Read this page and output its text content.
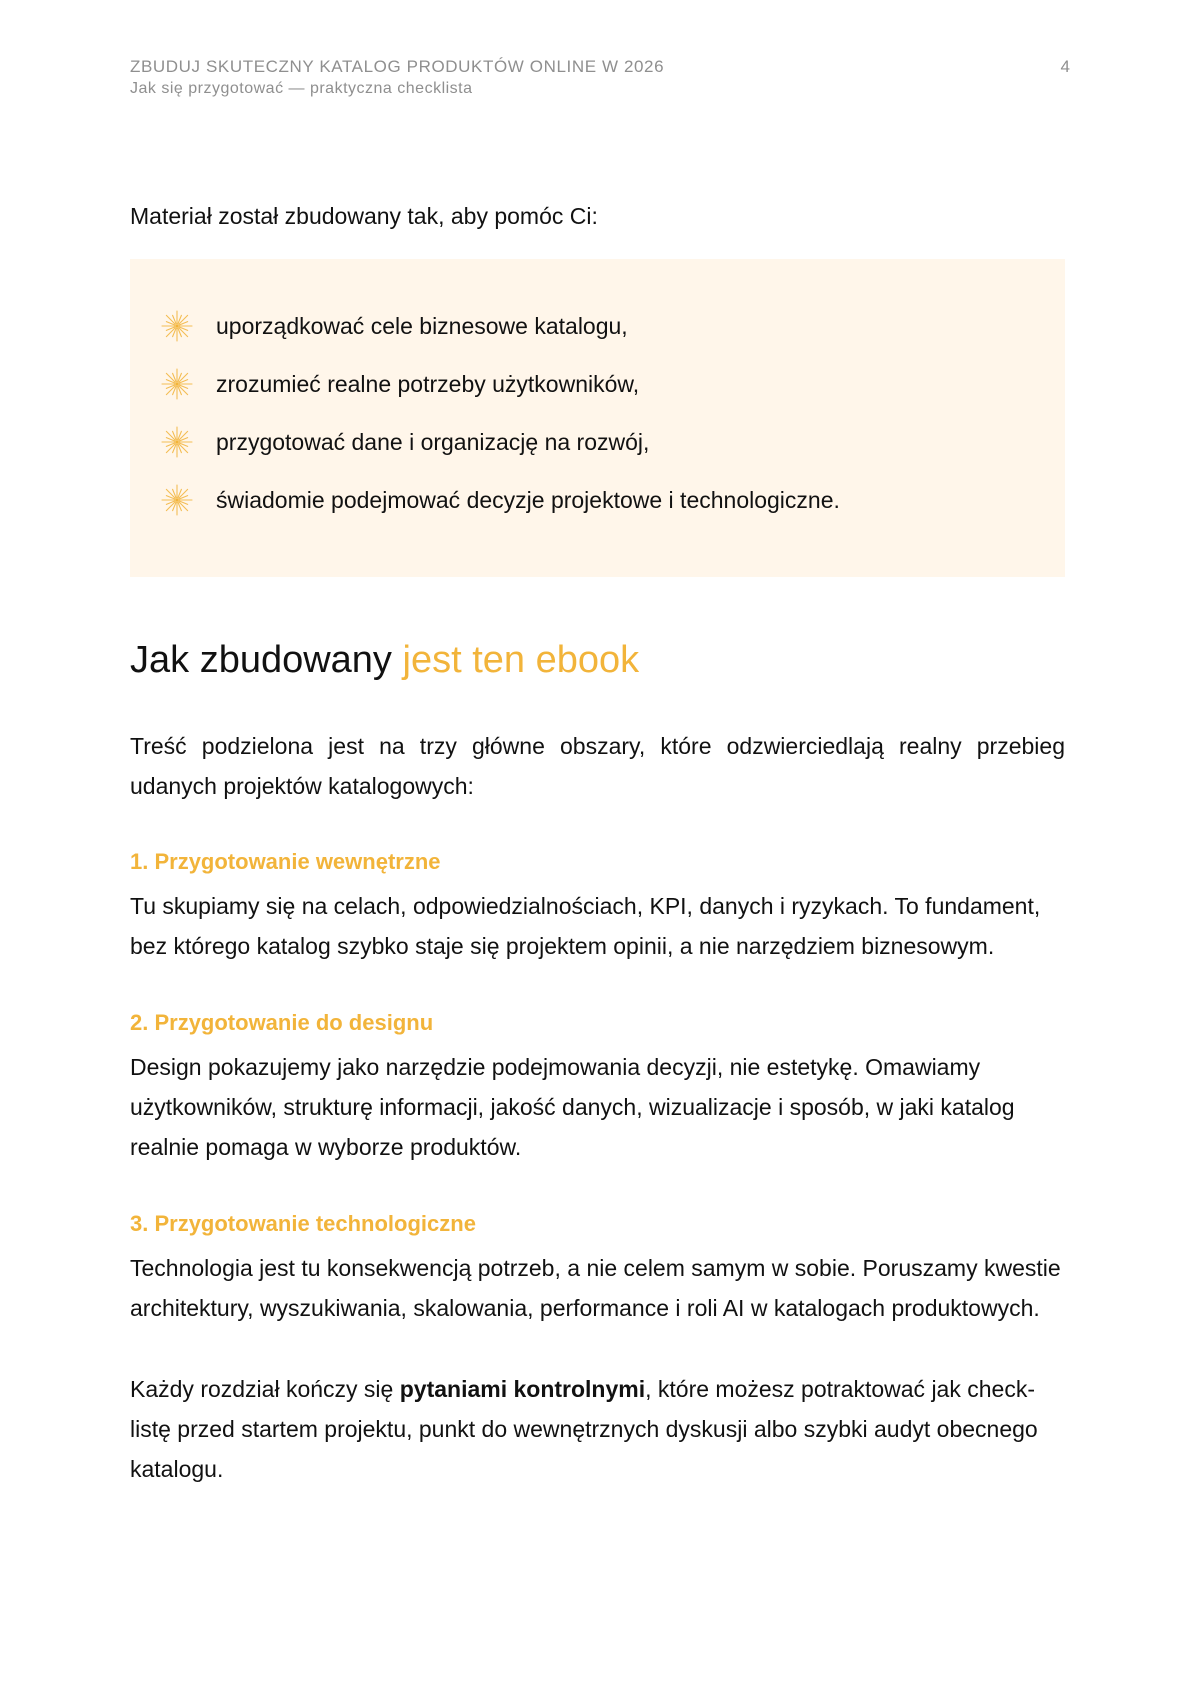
ZBUDUJ SKUTECZNY KATALOG PRODUKTÓW ONLINE W 2026
Jak się przygotować — praktyczna checklista
4
Materiał został zbudowany tak, aby pomóc Ci:
uporządkować cele biznesowe katalogu,
zrozumieć realne potrzeby użytkowników,
przygotować dane i organizację na rozwój,
świadomie podejmować decyzje projektowe i technologiczne.
Jak zbudowany jest ten ebook

Treść podzielona jest na trzy główne obszary, które odzwierciedlają realny przebieg udanych projektów katalogowych:

1. Przygotowanie wewnętrzne

Tu skupiamy się na celach, odpowiedzialnościach, KPI, danych i ryzykach. To fundament, bez którego katalog szybko staje się projektem opinii, a nie narzędziem biznesowym.

2. Przygotowanie do designu

Design pokazujemy jako narzędzie podejmowania decyzji, nie estetykę. Omawiamy użytkowników, strukturę informacji, jakość danych, wizualizacje i sposób, w jaki katalog realnie pomaga w wyborze produktów.

3. Przygotowanie technologiczne

Technologia jest tu konsekwencją potrzeb, a nie celem samym w sobie. Poruszamy kwestie architektury, wyszukiwania, skalowania, performance i roli AI w katalogach produktowych.

Każdy rozdział kończy się pytaniami kontrolnymi, które możesz potraktować jak check-listę przed startem projektu, punkt do wewnętrznych dyskusji albo szybki audyt obecnego katalogu.
